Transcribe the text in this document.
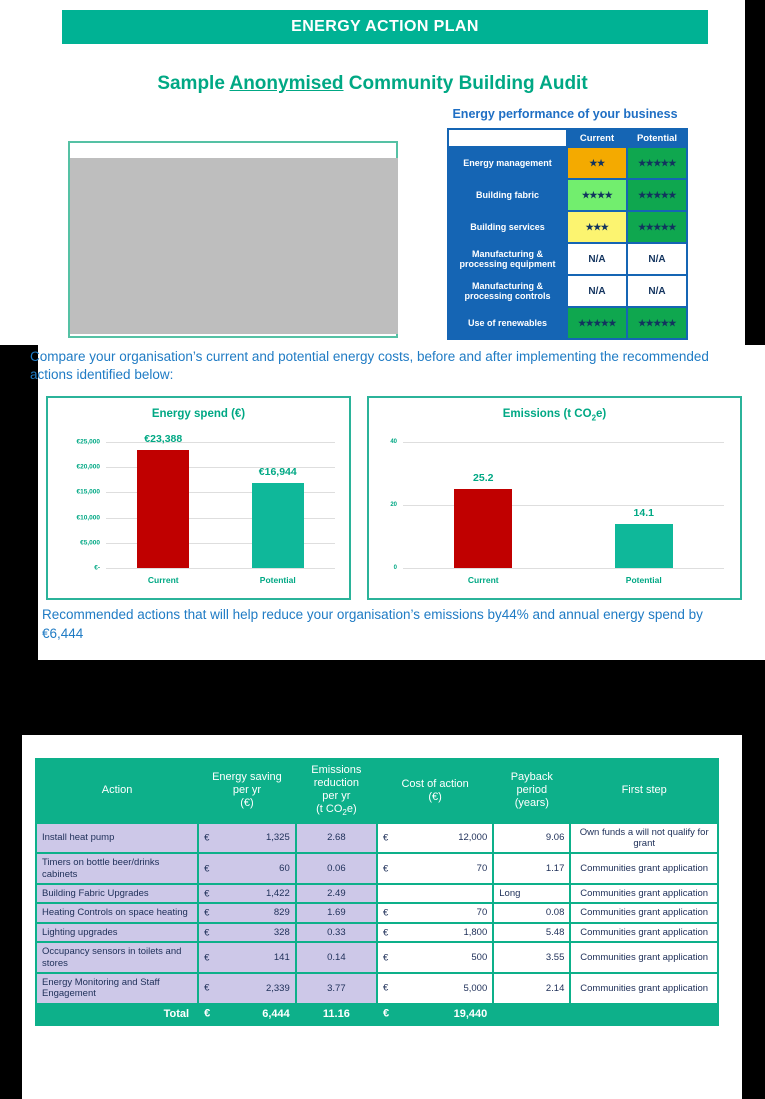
ENERGY ACTION PLAN
Sample Anonymised Community Building Audit
Energy performance of your business
	Current	Potential
Energy management	★★	★★★★★
Building fabric	★★★★	★★★★★
Building services	★★★	★★★★★
Manufacturing & processing equipment	N/A	N/A
Manufacturing & processing controls	N/A	N/A
Use of renewables	★★★★★	★★★★★
Compare your organisation’s current and potential energy costs, before and after implementing the recommended actions identified below:
Energy spend (€)
€-
€5,000
€10,000
€15,000
€20,000
€25,000	€23,388
Current
€16,944
Potential
Emissions (t $CO_2e$)
0
20
40
25.2
Current
14.1
Potential
Recommended actions that will help reduce your organisation’s emissions by44% and annual energy spend by €6,444
Action	Energy saving
per yr
(€)	Emissions
reduction
per yr
(t $CO_2e$)	Cost of action
(€)	Payback
period
(years)	First step
Install heat pump	€ 1,325	2.68	€ 12,000	9.06	Own funds a will not qualify for grant
Timers on bottle beer/drinks cabinets	€ 60	0.06	€ 70	1.17	Communities grant application
Building Fabric Upgrades	€ 1,422	2.49		Long	Communities grant application
Heating Controls on space heating	€ 829	1.69	€ 70	0.08	Communities grant application
Lighting upgrades	€ 328	0.33	€ 1,800	5.48	Communities grant application
Occupancy sensors in toilets and stores	€ 141	0.14	€ 500	3.55	Communities grant application
Energy Monitoring and Staff Engagement	€ 2,339	3.77	€ 5,000	2.14	Communities grant application
Total	€ 6,444	11.16	€ 19,440		
